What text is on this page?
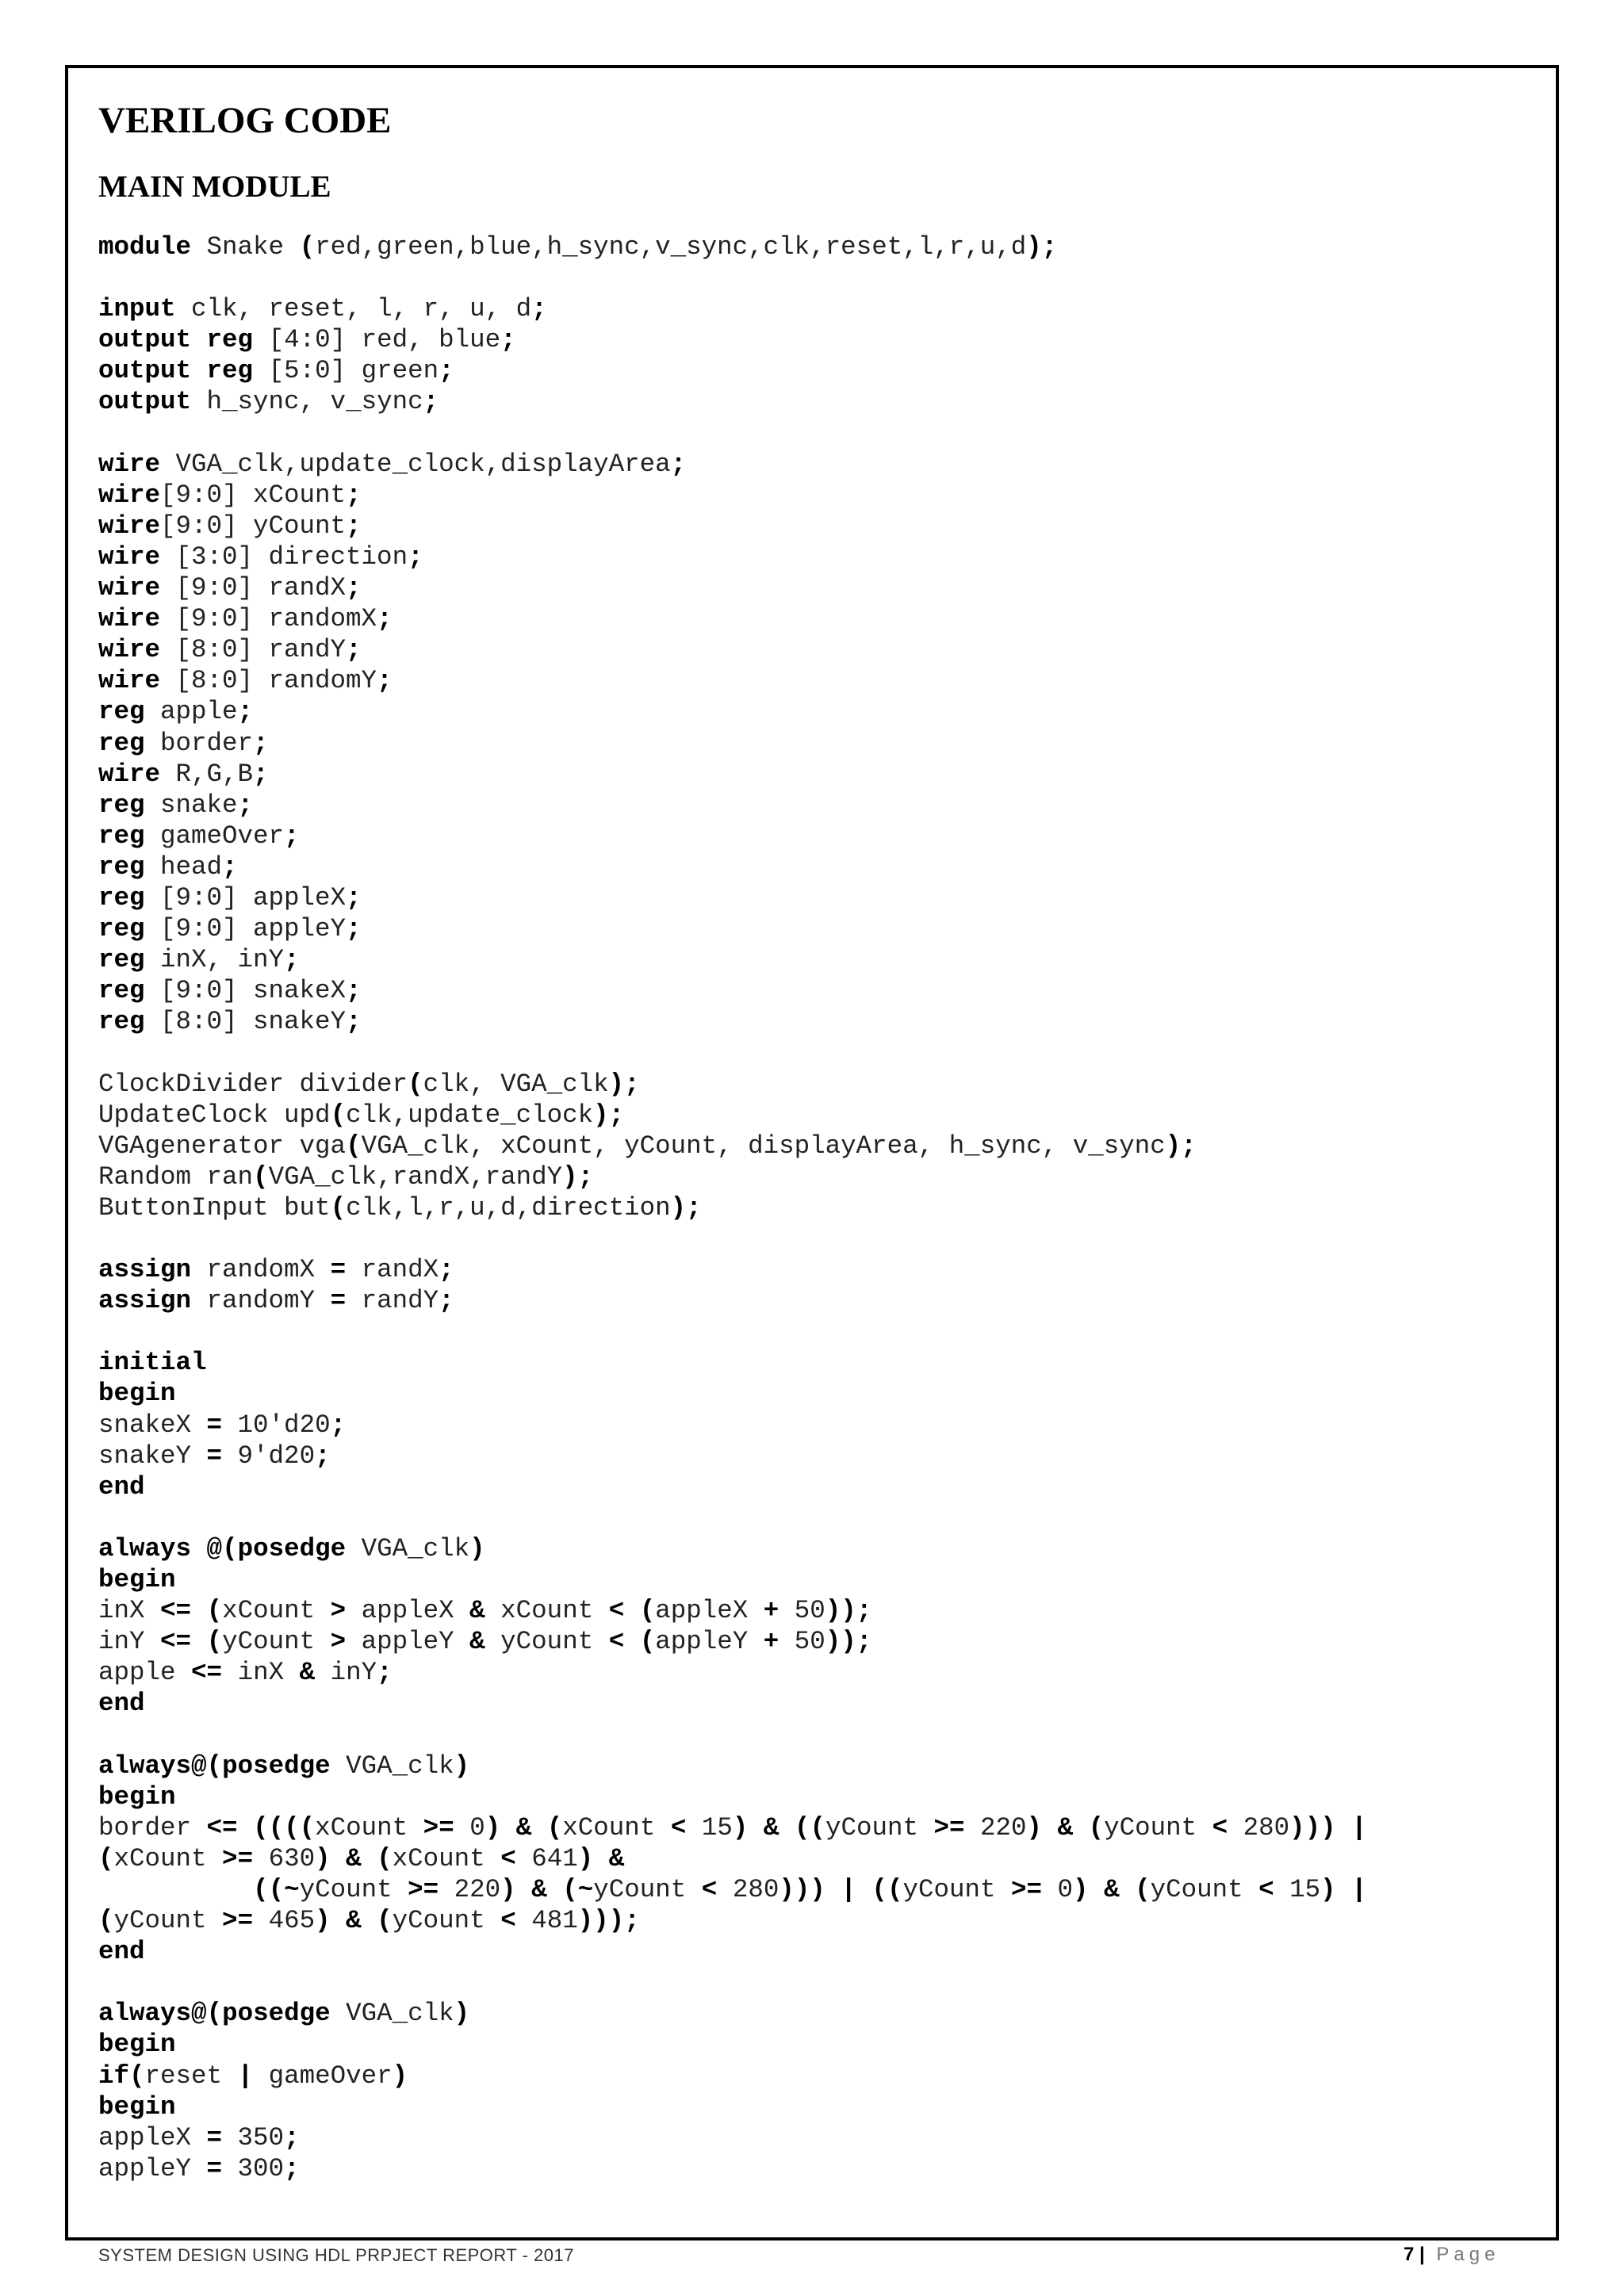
VERILOG CODE
MAIN MODULE
module Snake (red,green,blue,h_sync,v_sync,clk,reset,l,r,u,d);
input clk, reset, l, r, u, d;
output reg [4:0] red, blue;
output reg [5:0] green;
output h_sync, v_sync;
wire VGA_clk,update_clock,displayArea;
wire[9:0] xCount;
wire[9:0] yCount;
wire [3:0] direction;
wire [9:0] randX;
wire [9:0] randomX;
wire [8:0] randY;
wire [8:0] randomY;
reg apple;
reg border;
wire R,G,B;
reg snake;
reg gameOver;
reg head;
reg [9:0] appleX;
reg [9:0] appleY;
reg inX, inY;
reg [9:0] snakeX;
reg [8:0] snakeY;
ClockDivider divider(clk, VGA_clk);
UpdateClock upd(clk,update_clock);
VGAgenerator vga(VGA_clk, xCount, yCount, displayArea, h_sync, v_sync);
Random ran(VGA_clk,randX,randY);
ButtonInput but(clk,l,r,u,d,direction);
assign randomX = randX;
assign randomY = randY;
initial
begin
snakeX = 10'd20;
snakeY = 9'd20;
end
always @(posedge VGA_clk)
begin
inX <= (xCount > appleX & xCount < (appleX + 50));
inY <= (yCount > appleY & yCount < (appleY + 50));
apple <= inX & inY;
end
always@(posedge VGA_clk)
begin
border <= ((((xCount >= 0) & (xCount < 15) & ((yCount >= 220) & (yCount < 280))) |
(xCount >= 630) & (xCount < 641) &
((~yCount >= 220) & (~yCount < 280))) | ((yCount >= 0) & (yCount < 15) |
(yCount >= 465) & (yCount < 481)));
end
always@(posedge VGA_clk)
begin
if(reset | gameOver)
begin
appleX = 350;
appleY = 300;
SYSTEM DESIGN USING HDL PRPJECT REPORT - 2017	7 | Page
